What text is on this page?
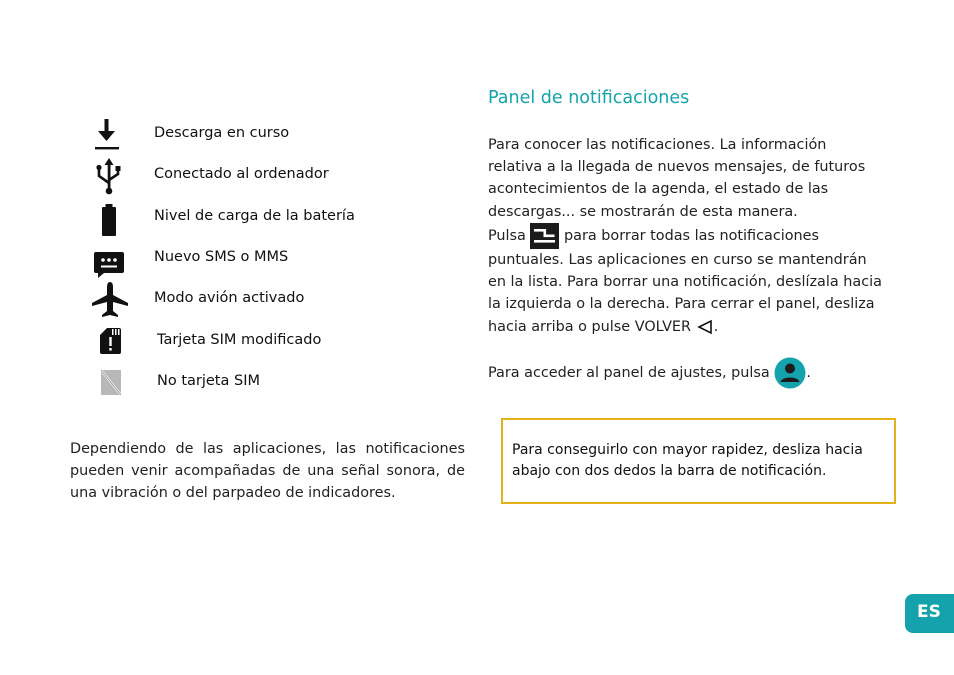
Descarga en curso
Conectado al ordenador
Nivel de carga de la batería
Nuevo SMS o MMS
Modo avión activado
Tarjeta SIM modificado
No tarjeta SIM

Dependiendo de las aplicaciones, las notificaciones pueden venir acompañadas de una señal sonora, de una vibración o del parpadeo de indicadores.

Panel de notificaciones

Para conocer las notificaciones. La información relativa a la llegada de nuevos mensajes, de futuros acontecimientos de la agenda, el estado de las descargas... se mostrarán de esta manera.

Pulsa	para borrar todas las notificaciones puntuales. Las aplicaciones en curso se mantendrán en la lista. Para borrar una notificación, deslízala hacia la izquierda o la derecha. Para cerrar el panel, desliza hacia arriba o pulse VOLVER .

Para acceder al panel de ajustes, pulsa	.

Para conseguirlo con mayor rapidez, desliza hacia abajo con dos dedos la barra de notificación.
ES
